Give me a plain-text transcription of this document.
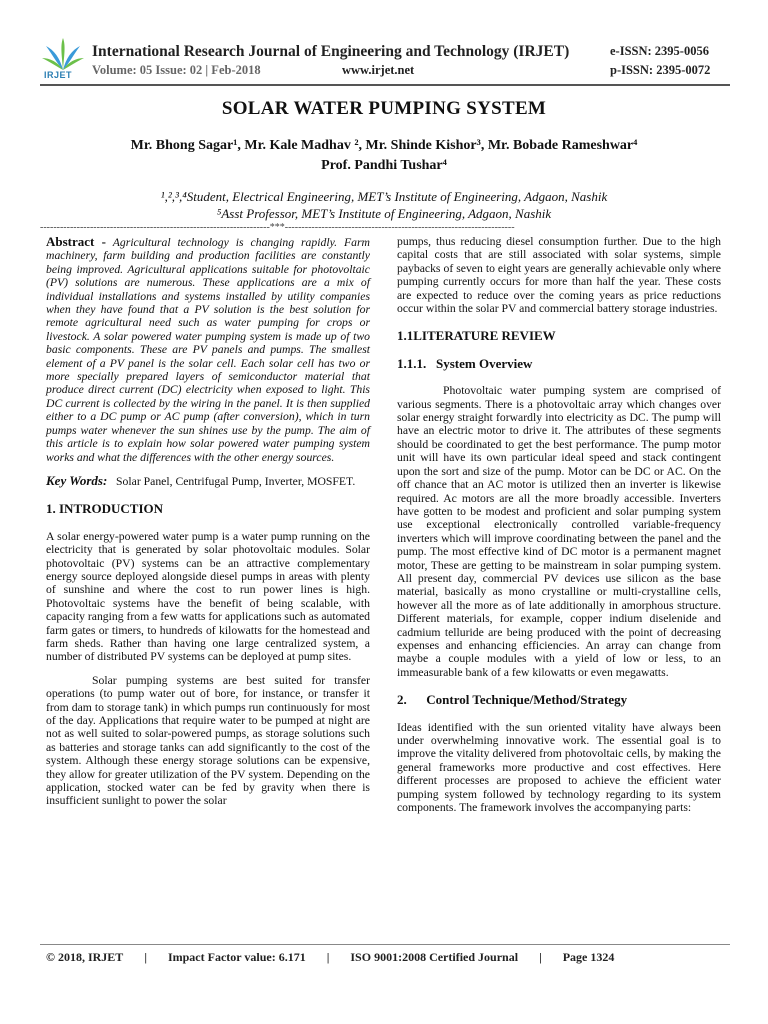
IRJET
International Research Journal of Engineering and Technology (IRJET)
Volume: 05 Issue: 02 | Feb-2018	www.irjet.net
e-ISSN: 2395-0056
p-ISSN: 2395-0072
SOLAR WATER PUMPING SYSTEM
Mr. Bhong Sagar¹, Mr. Kale Madhav ², Mr. Shinde Kishor³, Mr. Bobade Rameshwar⁴
Prof. Pandhi Tushar⁴
¹,²,³,⁴Student, Electrical Engineering, MET’s Institute of Engineering, Adgaon, Nashik
⁵Asst Professor, MET’s Institute of Engineering, Adgaon, Nashik
---------------------------------------------------------------------***---------------------------------------------------------------------

Abstract - Agricultural technology is changing rapidly. Farm machinery, farm building and production facilities are constantly being improved. Agricultural applications suitable for photovoltaic (PV) solutions are numerous. These applications are a mix of individual installations and systems installed by utility companies when they have found that a PV solution is the best solution for remote agricultural need such as water pumping for crops or livestock. A solar powered water pumping system is made up of two basic components. These are PV panels and pumps. The smallest element of a PV panel is the solar cell. Each solar cell has two or more specially prepared layers of semiconductor material that produce direct current (DC) electricity when exposed to light. This DC current is collected by the wiring in the panel. It is then supplied either to a DC pump or AC pump (after conversion), which in turn pumps water whenever the sun shines use by the pump. The aim of this article is to explain how solar powered water pumping system works and what the differences with the other energy sources.

Key Words: Solar Panel, Centrifugal Pump, Inverter, MOSFET.

1. INTRODUCTION

A solar energy-powered water pump is a water pump running on the electricity that is generated by solar photovoltaic modules. Solar photovoltaic (PV) systems can be an attractive complementary energy source deployed alongside diesel pumps in areas with plenty of sunshine and where the cost to run power lines is high. Photovoltaic systems have the benefit of being scalable, with capacity ranging from a few watts for applications such as automated farm gates or timers, to hundreds of kilowatts for the homestead and farm sheds. Rather than having one large centralized system, a number of distributed PV systems can be deployed at pump sites.

Solar pumping systems are best suited for transfer operations (to pump water out of bore, for instance, or transfer it from dam to storage tank) in which pumps run continuously for most of the day. Applications that require water to be pumped at night are not as well suited to solar-powered pumps, as storage solutions such as batteries and storage tanks can add significantly to the cost of the system. Although these energy storage solutions can be expensive, they allow for greater utilization of the PV system. Depending on the application, stocked water can be fed by gravity when there is insufficient sunlight to power the solar

pumps, thus reducing diesel consumption further. Due to the high capital costs that are still associated with solar systems, simple paybacks of seven to eight years are generally achievable only where pumping currently occurs for more than half the year. These costs are expected to reduce over the coming years as price reductions occur within the solar PV and commercial battery storage industries.

1.1LITERATURE REVIEW
1.1.1.   System Overview

Photovoltaic water pumping system are comprised of various segments. There is a photovoltaic array which changes over solar energy straight forwardly into electricity as DC. The pump will have an electric motor to drive it. The attributes of these segments should be coordinated to get the best performance. The pump motor unit will have its own particular ideal speed and stack contingent upon the sort and size of the pump. Motor can be DC or AC. On the off chance that an AC motor is utilized then an inverter is likewise required. Ac motors are all the more broadly accessible. Inverters have gotten to be modest and proficient and solar pumping system use exceptional electronically controlled variable-frequency inverters which will improve coordinating between the panel and the pump. The most effective kind of DC motor is a permanent magnet motor, These are getting to be mainstream in solar pumping system. All present day, commercial PV devices use silicon as the base material, basically as mono crystalline or multi-crystalline cells, however all the more as of late additionally in amorphous structure. Different materials, for example, copper indium diselenide and cadmium telluride are being produced with the point of decreasing expenses and enhancing efficiencies. An array can change from maybe a couple modules with a yield of low or less, to an immeasurable bank of a few kilowatts or even megawatts.

2.      Control Technique/Method/Strategy

Ideas identified with the sun oriented vitality have always been under overwhelming innovative work. The essential goal is to improve the vitality delivered from photovoltaic cells, by making the general frameworks more productive and cost effectives. Here different processes are proposed to achieve the efficient water pumping system followed by technology regarding to its system components. The framework involves the accompanying parts:

© 2018, IRJET | Impact Factor value: 6.171 | ISO 9001:2008 Certified Journal | Page 1324
